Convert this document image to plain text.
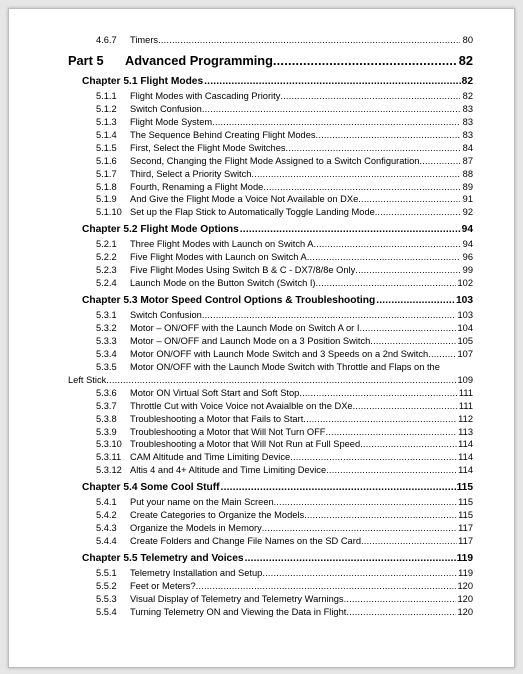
4.6.7	Timers .....	80
Part 5	Advanced Programming .....	82
Chapter 5.1 Flight Modes .....	82
5.1.1	Flight Modes with Cascading Priority .....	82
5.1.2	Switch Confusion .....	83
5.1.3	Flight Mode System .....	83
5.1.4	The Sequence Behind Creating Flight Modes .....	83
5.1.5	First, Select the Flight Mode Switches .....	84
5.1.6	Second, Changing the Flight Mode Assigned to a Switch Configuration .....	87
5.1.7	Third, Select a Priority Switch .....	88
5.1.8	Fourth, Renaming a Flight Mode .....	89
5.1.9	And Give the Flight Mode a Voice Not Available on DXe .....	91
5.1.10 Set up the Flap Stick to Automatically Toggle Landing Mode. .....	92
Chapter 5.2 Flight Mode Options .....	94
5.2.1	Three Flight Modes with Launch on Switch A .....	94
5.2.2	Five Flight Modes with Launch on Switch A .....	96
5.2.3	Five Flight Modes Using Switch B & C - DX7/8/8e Only .....	99
5.2.4	Launch Mode on the Button Switch (Switch I) .....	102
Chapter 5.3 Motor Speed Control Options & Troubleshooting .....	103
5.3.1	Switch Confusion .....	103
5.3.2	Motor – ON/OFF with the Launch Mode on Switch A or I .....	104
5.3.3	Motor – ON/OFF and Launch Mode on a 3 Position Switch .....	105
5.3.4	Motor ON/OFF with Launch Mode Switch and 3 Speeds on a 2nd Switch .....	107
5.3.5	Motor ON/OFF with the Launch Mode Switch with Throttle and Flaps on the
Left Stick .....	109
5.3.6	Motor ON Virtual Soft Start and Soft Stop .....	111
5.3.7	Throttle Cut with Voice Voice not Avaialble on the DXe. .....	111
5.3.8	Troubleshooting a Motor that Fails to Start .....	112
5.3.9	Troubleshooting a Motor that Will Not Turn OFF .....	113
5.3.10 Troubleshooting a Motor that Will Not Run at Full Speed .....	114
5.3.11 CAM Altitude and Time Limiting Device .....	114
5.3.12 Altis 4 and 4+ Altitude and Time Limiting Device .....	114
Chapter 5.4 Some Cool Stuff .....	115
5.4.1	Put your name on the Main Screen. .....	115
5.4.2	Create Categories to Organize the Models .....	115
5.4.3	Organize the Models in Memory .....	117
5.4.4	Create Folders and Change File Names on the SD Card .....	117
Chapter 5.5 Telemetry and Voices .....	119
5.5.1	Telemetry Installation and Setup .....	119
5.5.2	Feet or Meters? .....	120
5.5.3	Visual Display of Telemetry and Telemetry Warnings .....	120
5.5.4	Turning Telemetry ON and Viewing the Data in Flight .....	120
